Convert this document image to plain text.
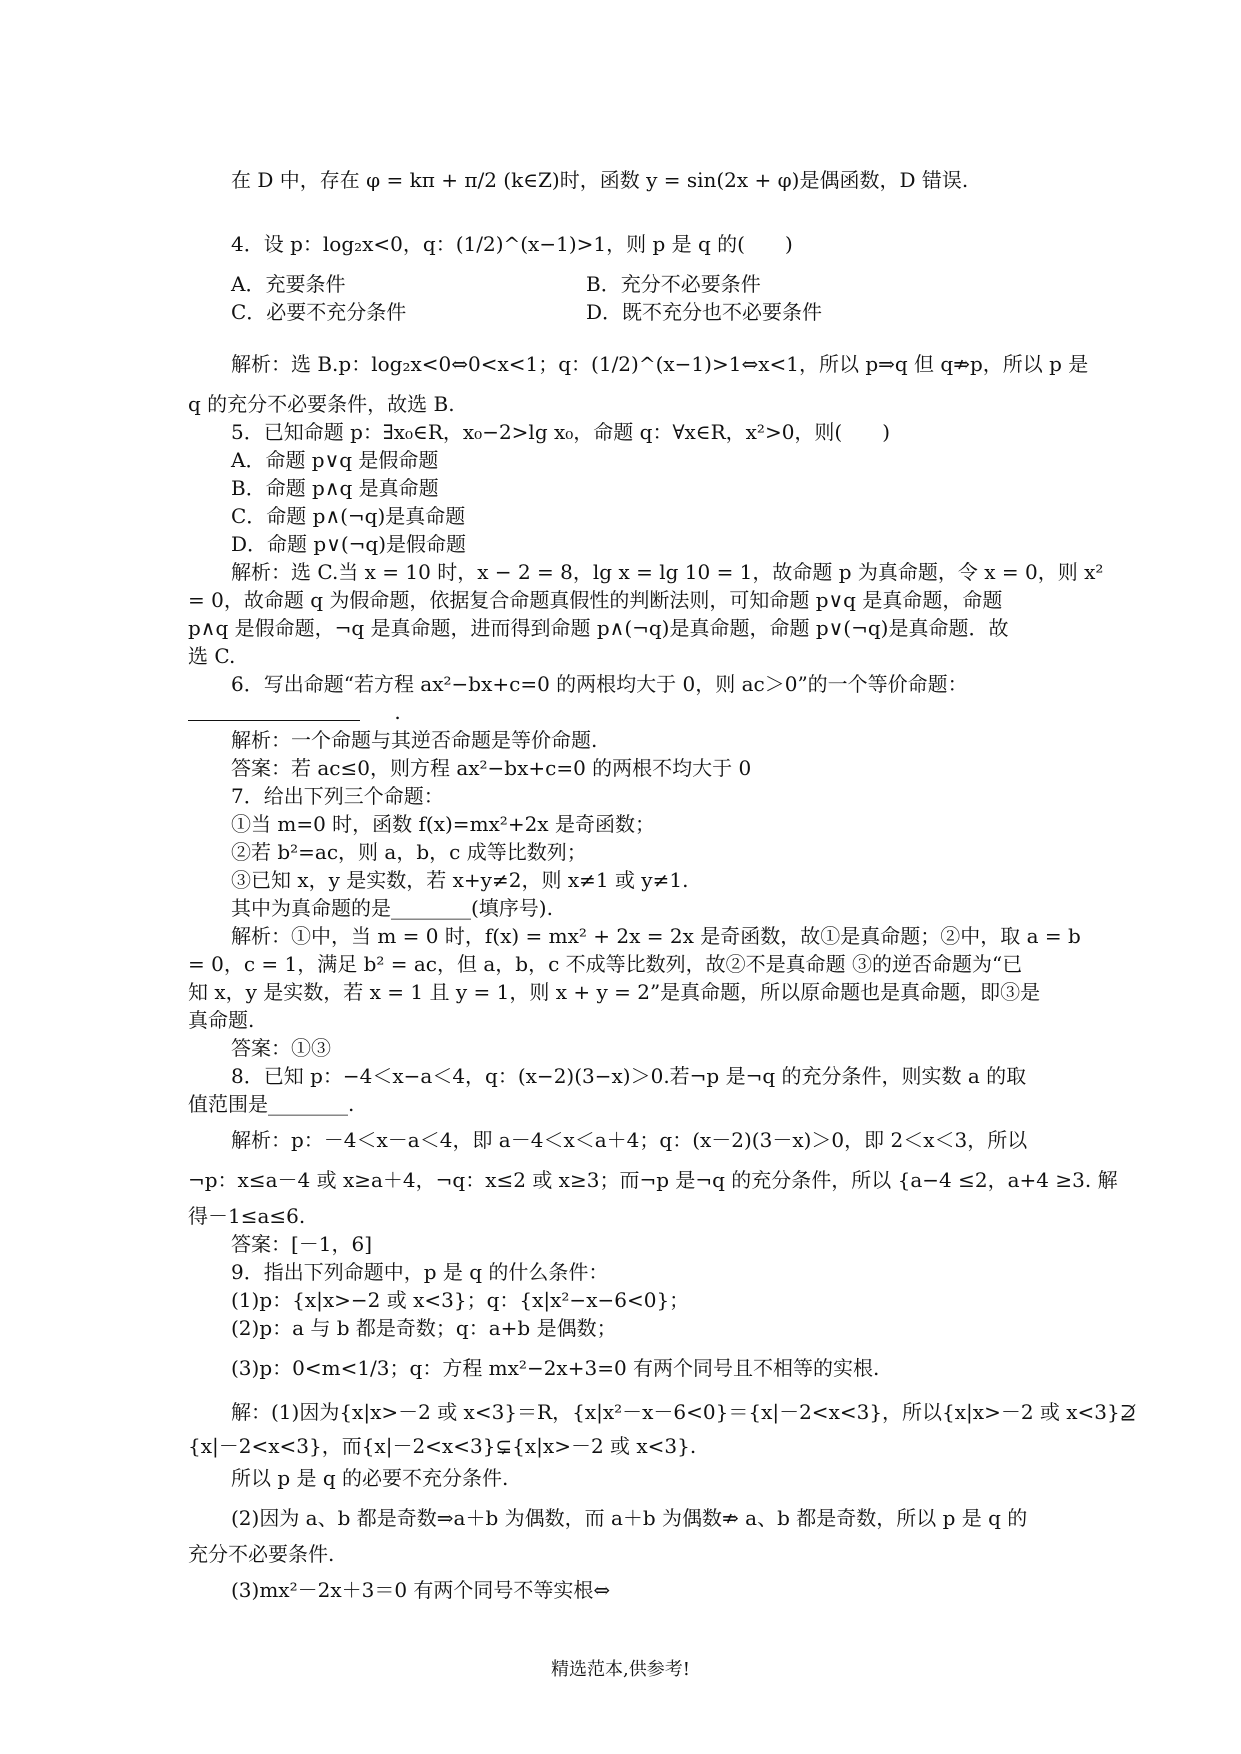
在 D 中，存在 φ = kπ + π/2 (k∈Z)时，函数 y = sin(2x + φ)是偶函数，D 错误.
4．设 p：log₂x<0，q：(1/2)^(x−1)>1，则 p 是 q 的(　　)
A．充要条件	B．充分不必要条件
C．必要不充分条件	D．既不充分也不必要条件
解析：选 B.p：log₂x<0⇔0<x<1；q：(1/2)^(x−1)>1⇔x<1，所以 p⇒q 但 q⇏p，所以 p 是
q 的充分不必要条件，故选 B.
5．已知命题 p：∃x₀∈R，x₀−2>lg x₀，命题 q：∀x∈R，x²>0，则(　　)
A．命题 p∨q 是假命题
B．命题 p∧q 是真命题
C．命题 p∧(¬q)是真命题
D．命题 p∨(¬q)是假命题
解析：选 C.当 x = 10 时，x − 2 = 8，lg x = lg 10 = 1，故命题 p 为真命题，令 x = 0，则 x²
= 0，故命题 q 为假命题，依据复合命题真假性的判断法则，可知命题 p∨q 是真命题，命题
p∧q 是假命题，¬q 是真命题，进而得到命题 p∧(¬q)是真命题，命题 p∨(¬q)是真命题．故
选 C.
6．写出命题“若方程 ax²−bx+c=0 的两根均大于 0，则 ac＞0”的一个等价命题：
　　　　　　　　　　 .
解析：一个命题与其逆否命题是等价命题.
答案：若 ac≤0，则方程 ax²−bx+c=0 的两根不均大于 0
7．给出下列三个命题：
①当 m=0 时，函数 f(x)=mx²+2x 是奇函数；
②若 b²=ac，则 a，b，c 成等比数列；
③已知 x，y 是实数，若 x+y≠2，则 x≠1 或 y≠1.
其中为真命题的是________(填序号).
解析：①中，当 m = 0 时，f(x) = mx² + 2x = 2x 是奇函数，故①是真命题；②中，取 a = b
= 0，c = 1，满足 b² = ac，但 a，b，c 不成等比数列，故②不是真命题 ③的逆否命题为“已
知 x，y 是实数，若 x = 1 且 y = 1，则 x + y = 2”是真命题，所以原命题也是真命题，即③是
真命题.
答案：①③
8．已知 p：−4＜x−a＜4，q：(x−2)(3−x)＞0.若¬p 是¬q 的充分条件，则实数 a 的取
值范围是________.
解析：p：－4＜x－a＜4，即 a－4＜x＜a＋4；q：(x－2)(3－x)＞0，即 2＜x＜3，所以
¬p：x≤a－4 或 x≥a＋4，¬q：x≤2 或 x≥3；而¬p 是¬q 的充分条件，所以 {a−4 ≤2，a+4 ≥3. 解
得－1≤a≤6.
答案：[－1，6]
9．指出下列命题中，p 是 q 的什么条件：
(1)p：{x|x>−2 或 x<3}；q：{x|x²−x−6<0}；
(2)p：a 与 b 都是奇数；q：a+b 是偶数；
(3)p：0<m<1/3；q：方程 mx²−2x+3=0 有两个同号且不相等的实根.
解：(1)因为{x|x>－2 或 x<3}＝R，{x|x²－x－6<0}＝{x|－2<x<3}，所以{x|x>－2 或 x<3}⊉
{x|－2<x<3}，而{x|－2<x<3}⊊{x|x>－2 或 x<3}.
所以 p 是 q 的必要不充分条件.
(2)因为 a、b 都是奇数⇒a＋b 为偶数，而 a＋b 为偶数⇏ a、b 都是奇数，所以 p 是 q 的
充分不必要条件.
(3)mx²－2x＋3＝0 有两个同号不等实根⇔
精选范本,供参考!
